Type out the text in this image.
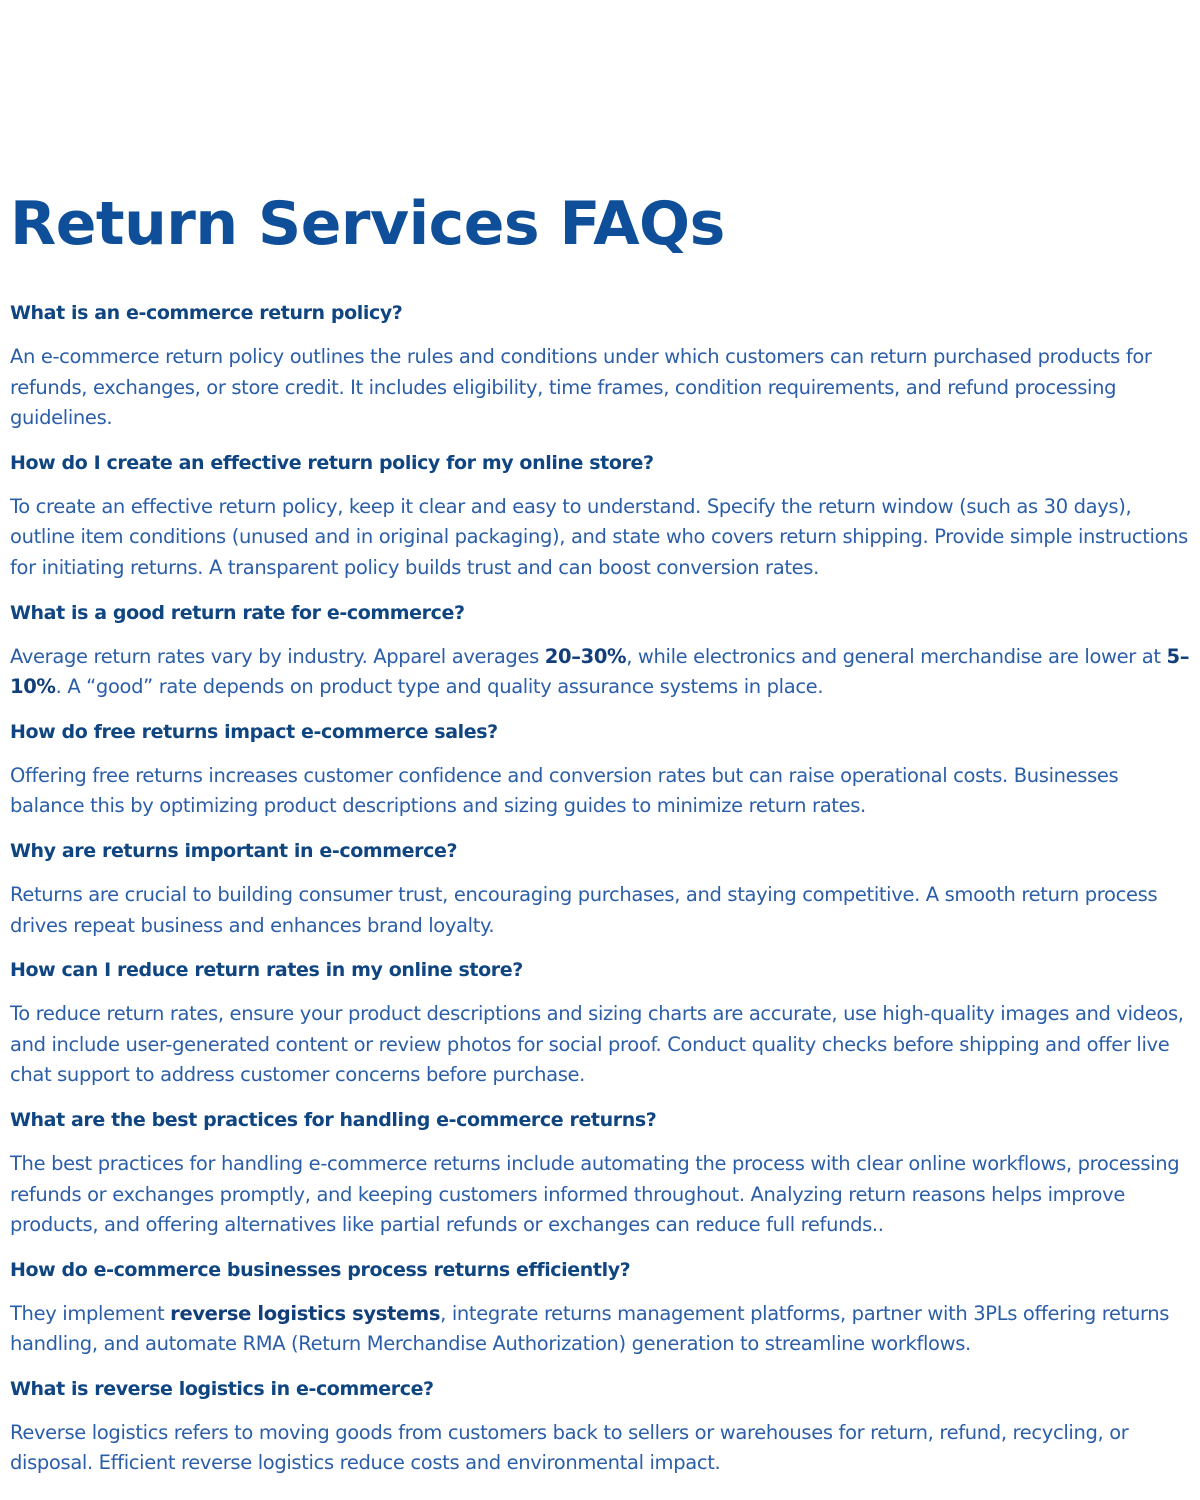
Return Services FAQs
What is an e-commerce return policy?

An e-commerce return policy outlines the rules and conditions under which customers can return purchased products for refunds, exchanges, or store credit. It includes eligibility, time frames, condition requirements, and refund processing guidelines.

How do I create an effective return policy for my online store?

To create an effective return policy, keep it clear and easy to understand. Specify the return window (such as 30 days), outline item conditions (unused and in original packaging), and state who covers return shipping. Provide simple instructions for initiating returns. A transparent policy builds trust and can boost conversion rates.

What is a good return rate for e-commerce?

Average return rates vary by industry. Apparel averages 20–30%, while electronics and general merchandise are lower at 5–10%. A “good” rate depends on product type and quality assurance systems in place.

How do free returns impact e-commerce sales?

Offering free returns increases customer confidence and conversion rates but can raise operational costs. Businesses balance this by optimizing product descriptions and sizing guides to minimize return rates.

Why are returns important in e-commerce?

Returns are crucial to building consumer trust, encouraging purchases, and staying competitive. A smooth return process drives repeat business and enhances brand loyalty.

How can I reduce return rates in my online store?

To reduce return rates, ensure your product descriptions and sizing charts are accurate, use high-quality images and videos, and include user-generated content or review photos for social proof. Conduct quality checks before shipping and offer live chat support to address customer concerns before purchase.

What are the best practices for handling e-commerce returns?

The best practices for handling e-commerce returns include automating the process with clear online workflows, processing refunds or exchanges promptly, and keeping customers informed throughout. Analyzing return reasons helps improve products, and offering alternatives like partial refunds or exchanges can reduce full refunds..

How do e-commerce businesses process returns efficiently?

They implement reverse logistics systems, integrate returns management platforms, partner with 3PLs offering returns handling, and automate RMA (Return Merchandise Authorization) generation to streamline workflows.

What is reverse logistics in e-commerce?

Reverse logistics refers to moving goods from customers back to sellers or warehouses for return, refund, recycling, or disposal. Efficient reverse logistics reduce costs and environmental impact.
